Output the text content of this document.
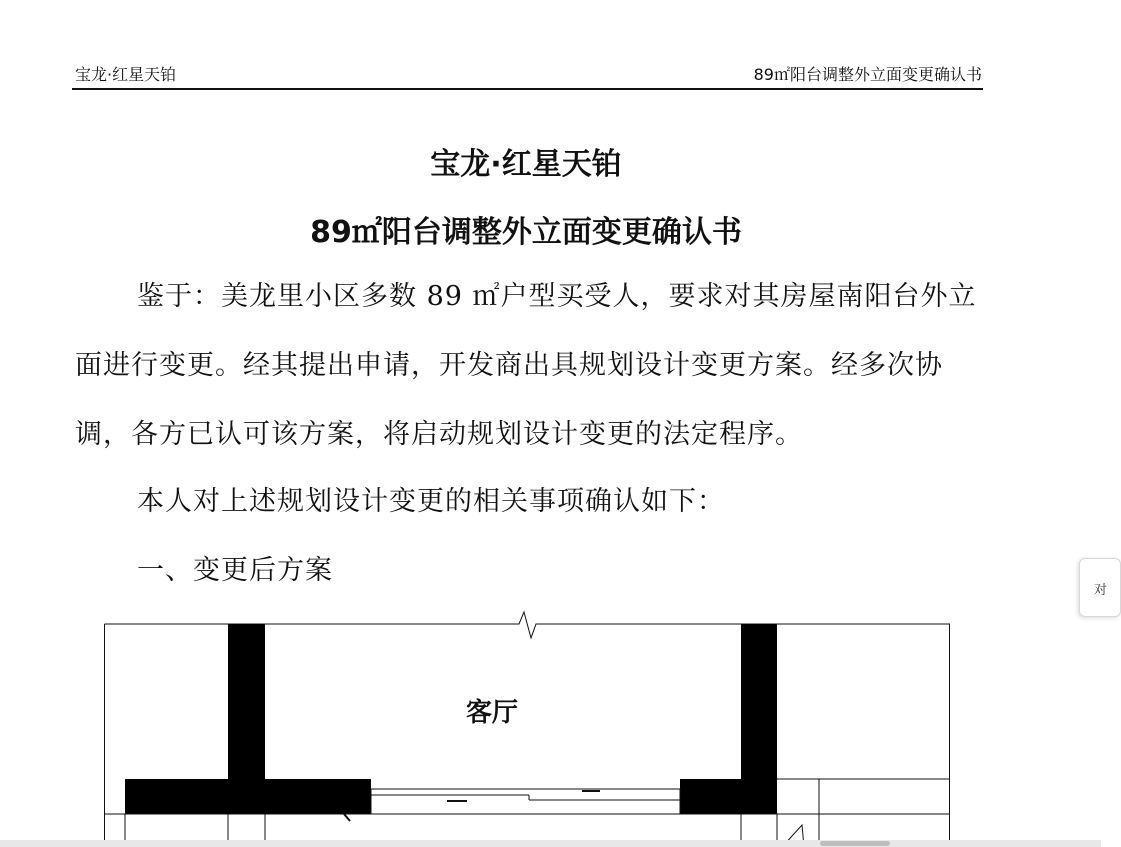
宝龙·红星天铂	89㎡阳台调整外立面变更确认书
宝龙·红星天铂
89㎡阳台调整外立面变更确认书

鉴于：美龙里小区多数 89 ㎡户型买受人，要求对其房屋南阳台外立面进行变更。经其提出申请，开发商出具规划设计变更方案。经多次协调，各方已认可该方案，将启动规划设计变更的法定程序。

本人对上述规划设计变更的相关事项确认如下：

一、变更后方案

客厅
对
